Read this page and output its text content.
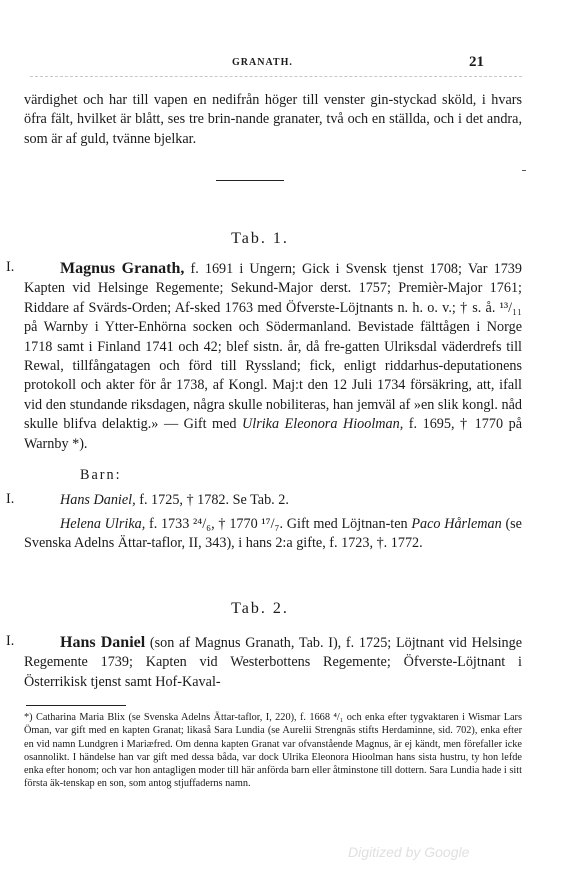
GRANATH.	21
värdighet och har till vapen en nedifrån höger till venster gin-styckad sköld, i hvars öfra fält, hvilket är blått, ses tre brin-nande granater, två och en ställda, och i det andra, som är af guld, tvänne bjelkar.
Tab. 1.
I.	Magnus Granath, f. 1691 i Ungern; Gick i Svensk tjenst 1708; Var 1739 Kapten vid Helsinge Regemente; Sekund-Major derst. 1757; Premièr-Major 1761; Riddare af Svärds-Orden; Af-sked 1763 med Öfverste-Löjtnants n. h. o. v.; † s. å. ¹³/₁₁ på Warnby i Ytter-Enhörna socken och Södermanland. Bevistade fälttågen i Norge 1718 samt i Finland 1741 och 42; blef sistn. år, då fre-gatten Ulriksdal väderdrefs till Rewal, tillfångatagen och förd till Ryssland; fick, enligt riddarhus-deputationens protokoll och akter för år 1738, af Kongl. Maj:t den 12 Juli 1734 försäkring, att, ifall vid den stundande riksdagen, några skulle nobiliteras, han jemväl af »en slik kongl. nåd skulle blifva delaktig.» — Gift med Ulrika Eleonora Hioolman, f. 1695, † 1770 på Warnby *).
Barn:
I.	Hans Daniel, f. 1725, † 1782. Se Tab. 2.
Helena Ulrika, f. 1733 ²⁴/₆, † 1770 ¹⁷/₇. Gift med Löjtnan-ten Paco Hårleman (se Svenska Adelns Ättar-taflor, II, 343), i hans 2:a gifte, f. 1723, †. 1772.
Tab. 2.
I.	Hans Daniel (son af Magnus Granath, Tab. I), f. 1725; Löjtnant vid Helsinge Regemente 1739; Kapten vid Westerbottens Regemente; Öfverste-Löjtnant i Österrikisk tjenst samt Hof-Kaval-
*) Catharina Maria Blix (se Svenska Adelns Ättar-taflor, I, 220), f. 1668 ⁴/₁ och enka efter tygvaktaren i Wismar Lars Öman, var gift med en kapten Granat; likaså Sara Lundia (se Aurelii Strengnäs stifts Herdaminne, sid. 702), enka efter en vid namn Lundgren i Mariæfred. Om denna kapten Granat var ofvanstående Magnus, är ej kändt, men förefaller icke osannolikt. I händelse han var gift med dessa båda, var dock Ulrika Eleonora Hioolman hans sista hustru, ty hon lefde enka efter honom; och var hon antagligen moder till här anförda barn eller åtminstone till dottern. Sara Lundia hade i sitt första äk-tenskap en son, som antog stjuffaderns namn.
Digitized by Google
